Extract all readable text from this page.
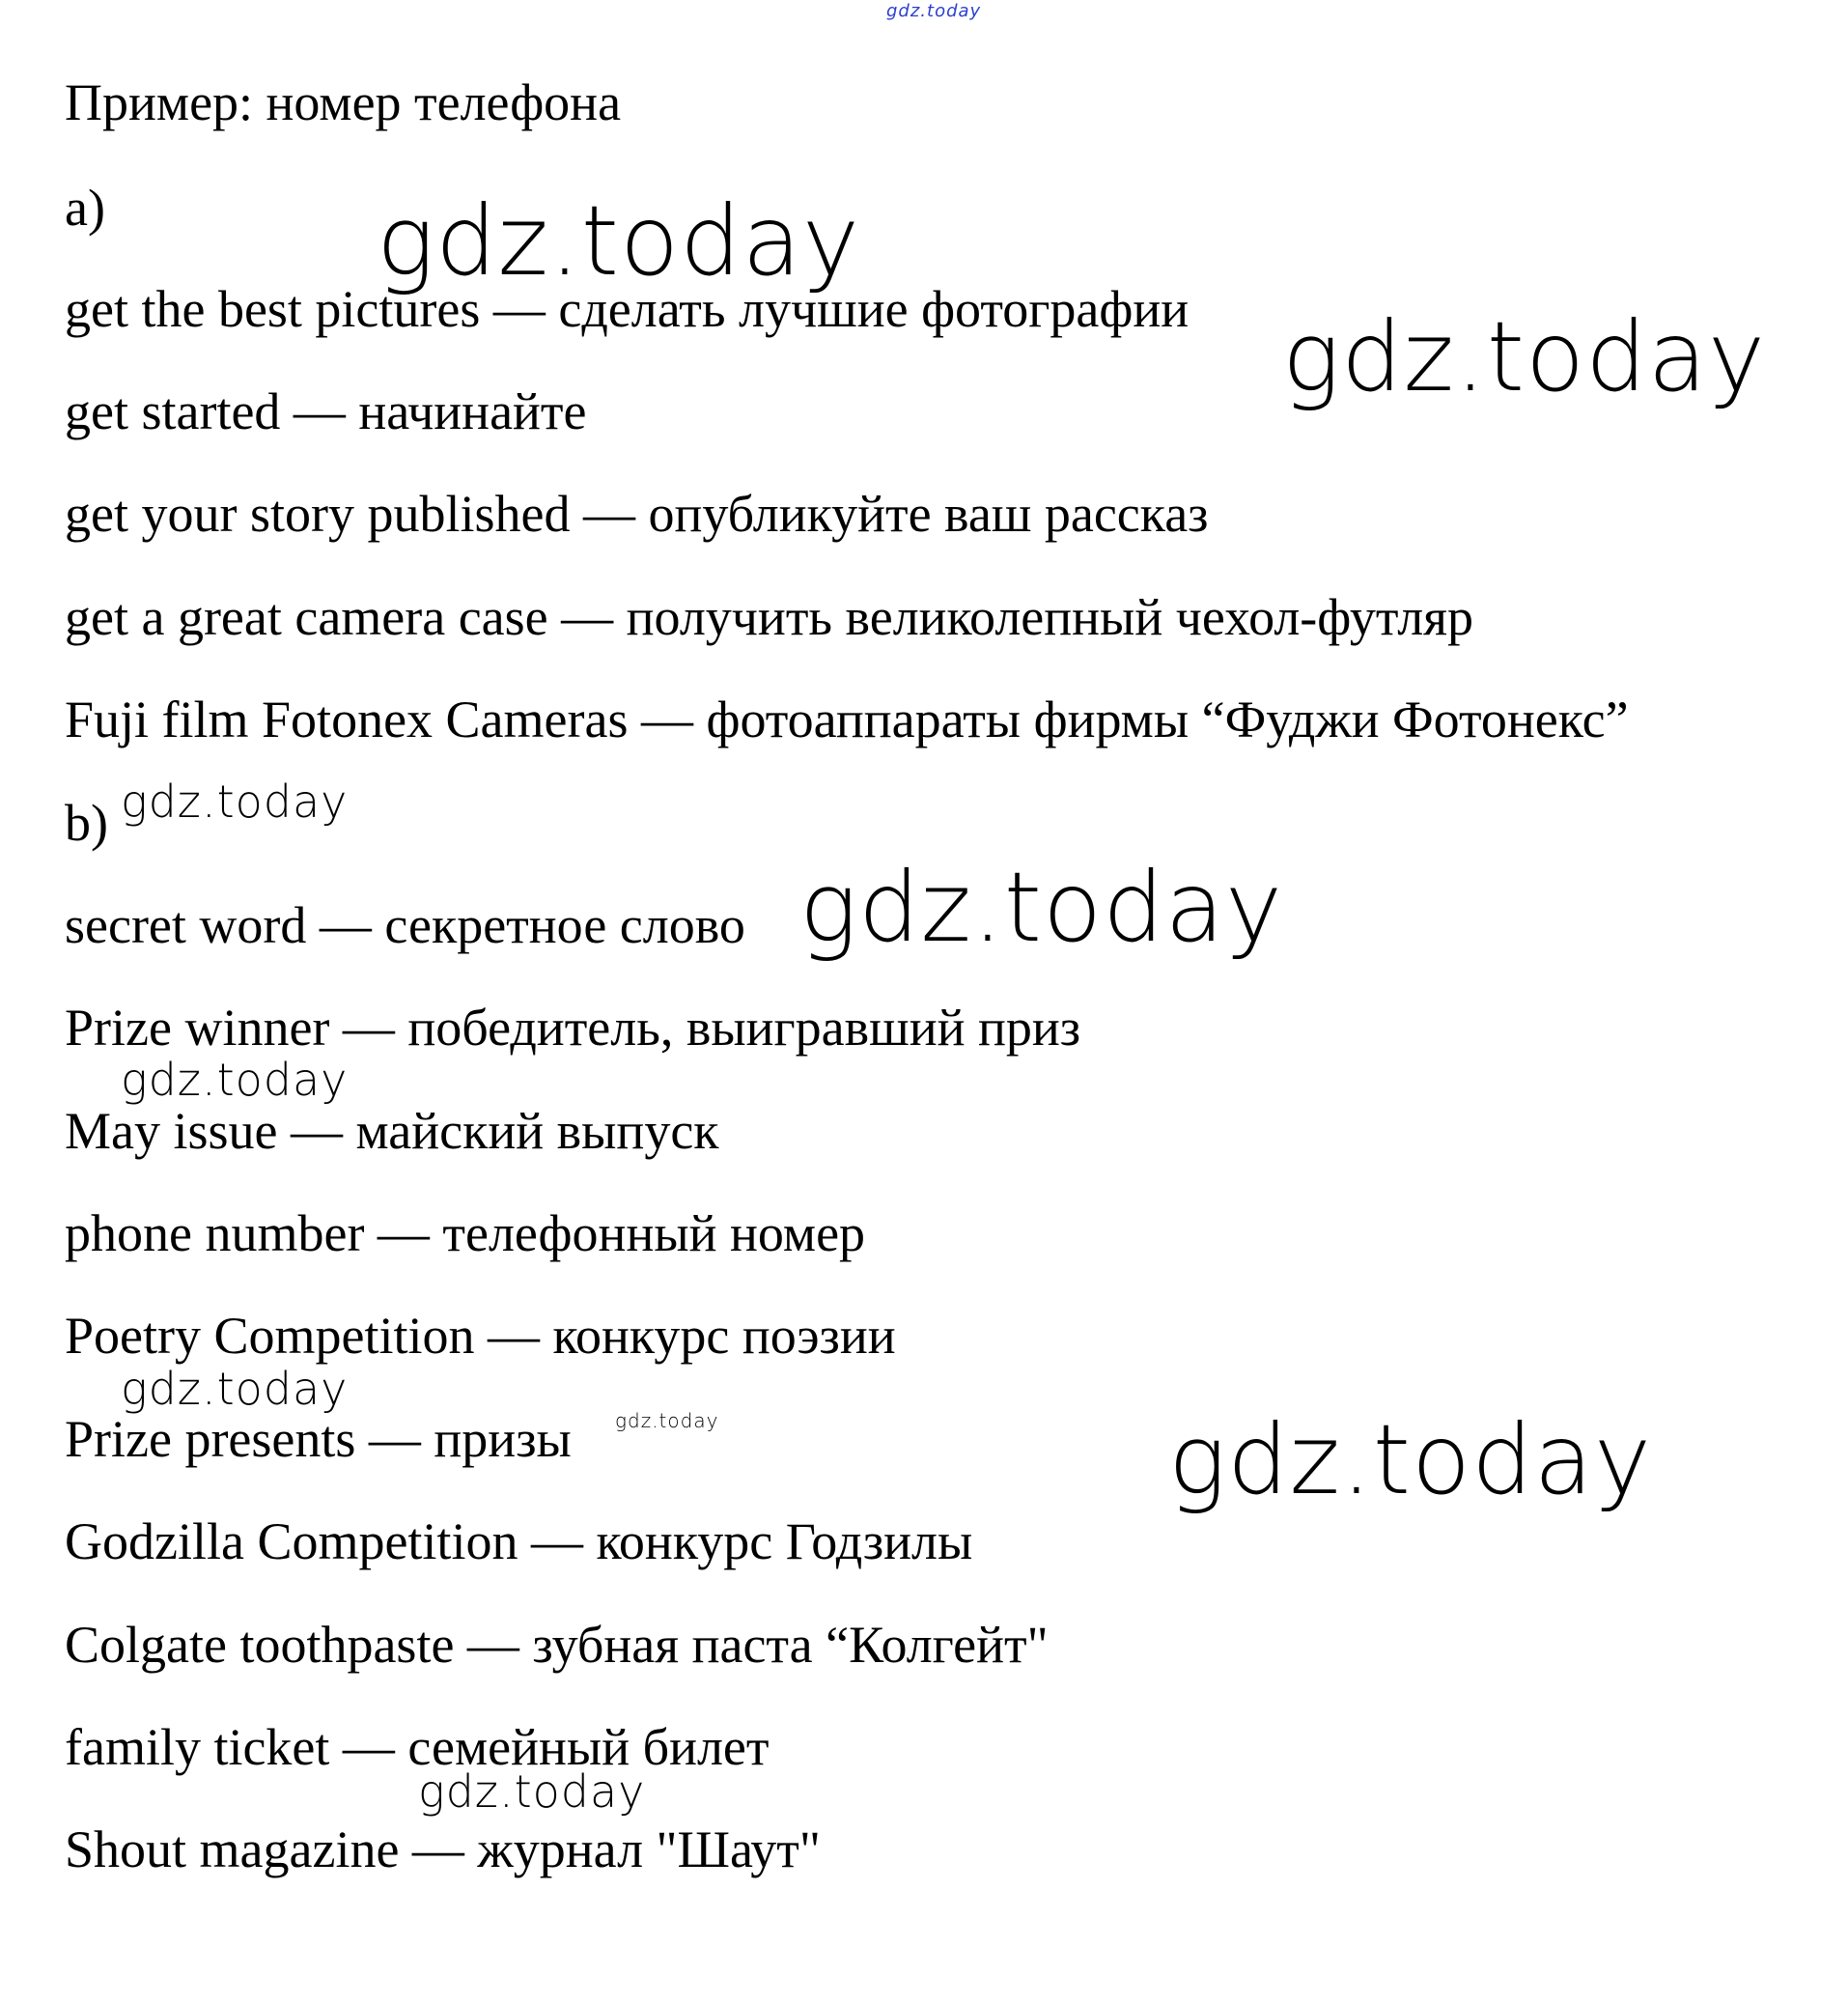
gdz.today
Пример: номер телефона
a)
get the best pictures — сделать лучшие фотографии
get started — начинайте
get your story published — опубликуйте ваш рассказ
get a great camera case — получить великолепный чехол-футляр
Fuji film Fotonex Cameras — фотоаппараты фирмы “Фуджи Фотонекс”
b)
secret word — секретное слово
Prize winner — победитель, выигравший приз
May issue — майский выпуск
phone number — телефонный номер
Poetry Competition — конкурс поэзии
Prize presents — призы
Godzilla Competition — конкурс Годзилы
Colgate toothpaste — зубная паста “Колгейт"
family ticket — семейный билет
Shout magazine — журнал "Шаут"
gdz.today
gdz.today
gdz.today
gdz.today
gdz.today
gdz.today
gdz.today	gdz.today
gdz.today
